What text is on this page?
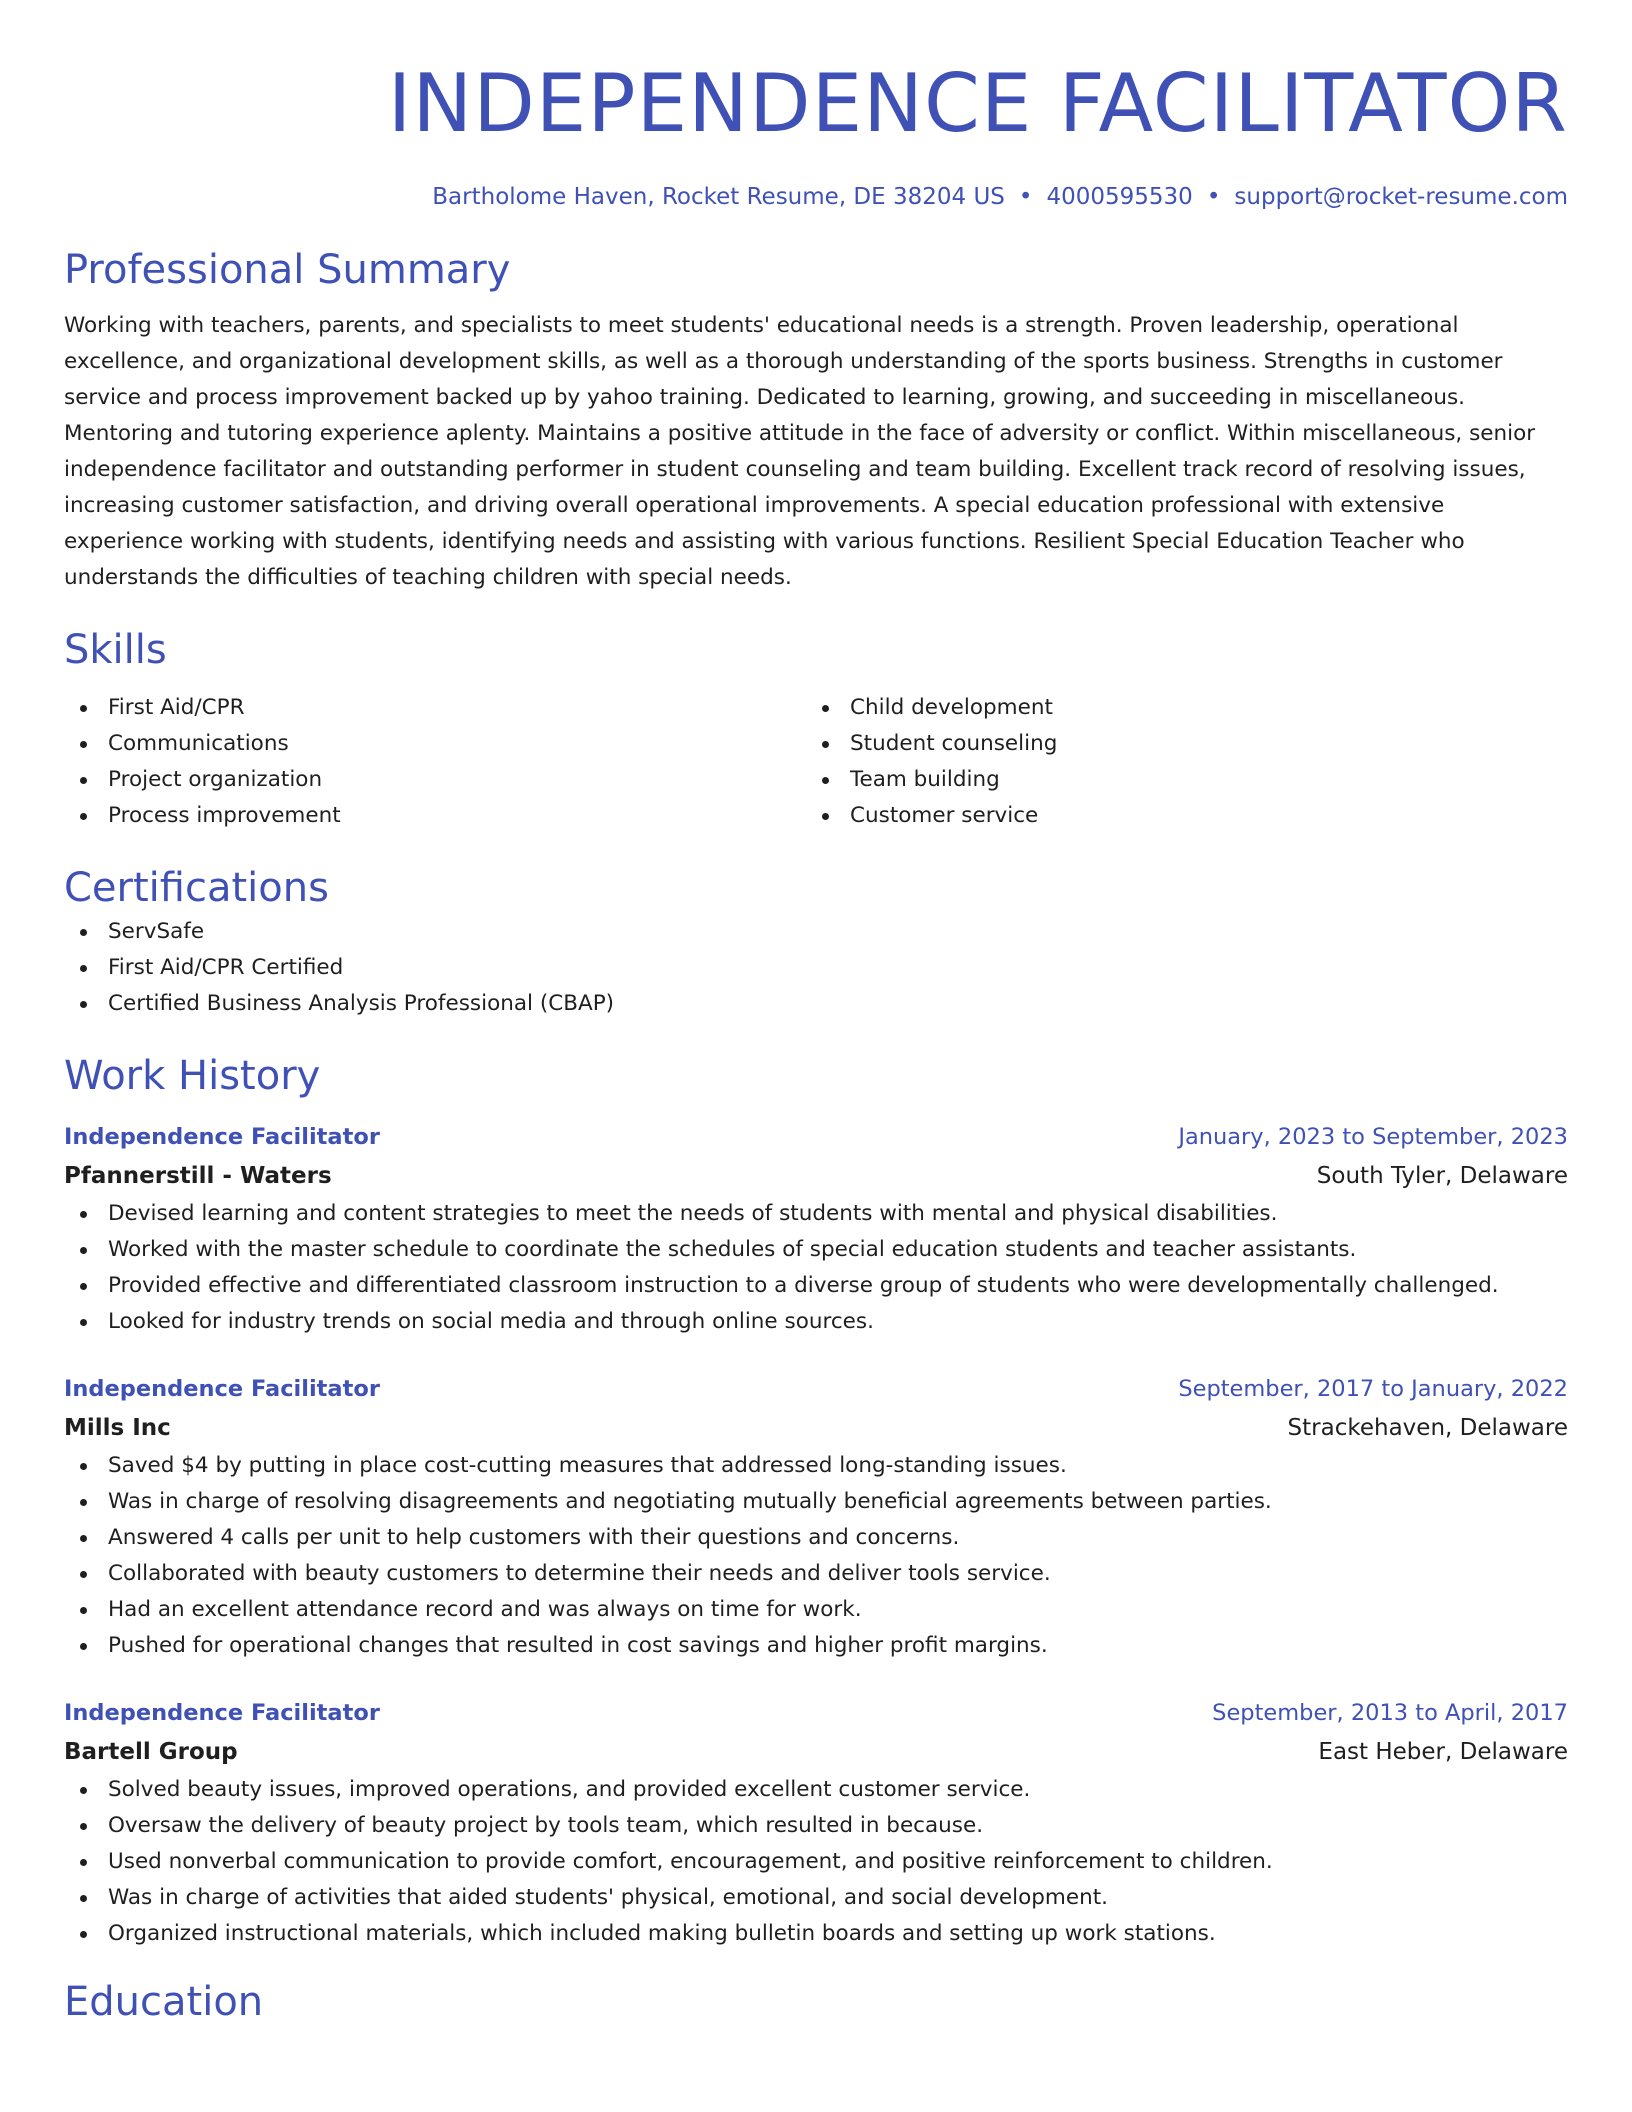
INDEPENDENCE FACILITATOR
Bartholome Haven, Rocket Resume, DE 38204 US • 4000595530 • support@rocket-resume.com
Professional Summary

Working with teachers, parents, and specialists to meet students' educational needs is a strength. Proven leadership, operational excellence, and organizational development skills, as well as a thorough understanding of the sports business. Strengths in customer service and process improvement backed up by yahoo training. Dedicated to learning, growing, and succeeding in miscellaneous. Mentoring and tutoring experience aplenty. Maintains a positive attitude in the face of adversity or conflict. Within miscellaneous, senior independence facilitator and outstanding performer in student counseling and team building. Excellent track record of resolving issues, increasing customer satisfaction, and driving overall operational improvements. A special education professional with extensive experience working with students, identifying needs and assisting with various functions. Resilient Special Education Teacher who understands the difficulties of teaching children with special needs.

Skills
First Aid/CPR
Communications
Project organization
Process improvement
Child development
Student counseling
Team building
Customer service
Certifications
ServSafe
First Aid/CPR Certified
Certified Business Analysis Professional (CBAP)
Work History
Independence Facilitator	January, 2023 to September, 2023
Pfannerstill - Waters	South Tyler, Delaware
Devised learning and content strategies to meet the needs of students with mental and physical disabilities.
Worked with the master schedule to coordinate the schedules of special education students and teacher assistants.
Provided effective and differentiated classroom instruction to a diverse group of students who were developmentally challenged.
Looked for industry trends on social media and through online sources.
Independence Facilitator	September, 2017 to January, 2022
Mills Inc	Strackehaven, Delaware
Saved $4 by putting in place cost-cutting measures that addressed long-standing issues.
Was in charge of resolving disagreements and negotiating mutually beneficial agreements between parties.
Answered 4 calls per unit to help customers with their questions and concerns.
Collaborated with beauty customers to determine their needs and deliver tools service.
Had an excellent attendance record and was always on time for work.
Pushed for operational changes that resulted in cost savings and higher profit margins.
Independence Facilitator	September, 2013 to April, 2017
Bartell Group	East Heber, Delaware
Solved beauty issues, improved operations, and provided excellent customer service.
Oversaw the delivery of beauty project by tools team, which resulted in because.
Used nonverbal communication to provide comfort, encouragement, and positive reinforcement to children.
Was in charge of activities that aided students' physical, emotional, and social development.
Organized instructional materials, which included making bulletin boards and setting up work stations.
Education
